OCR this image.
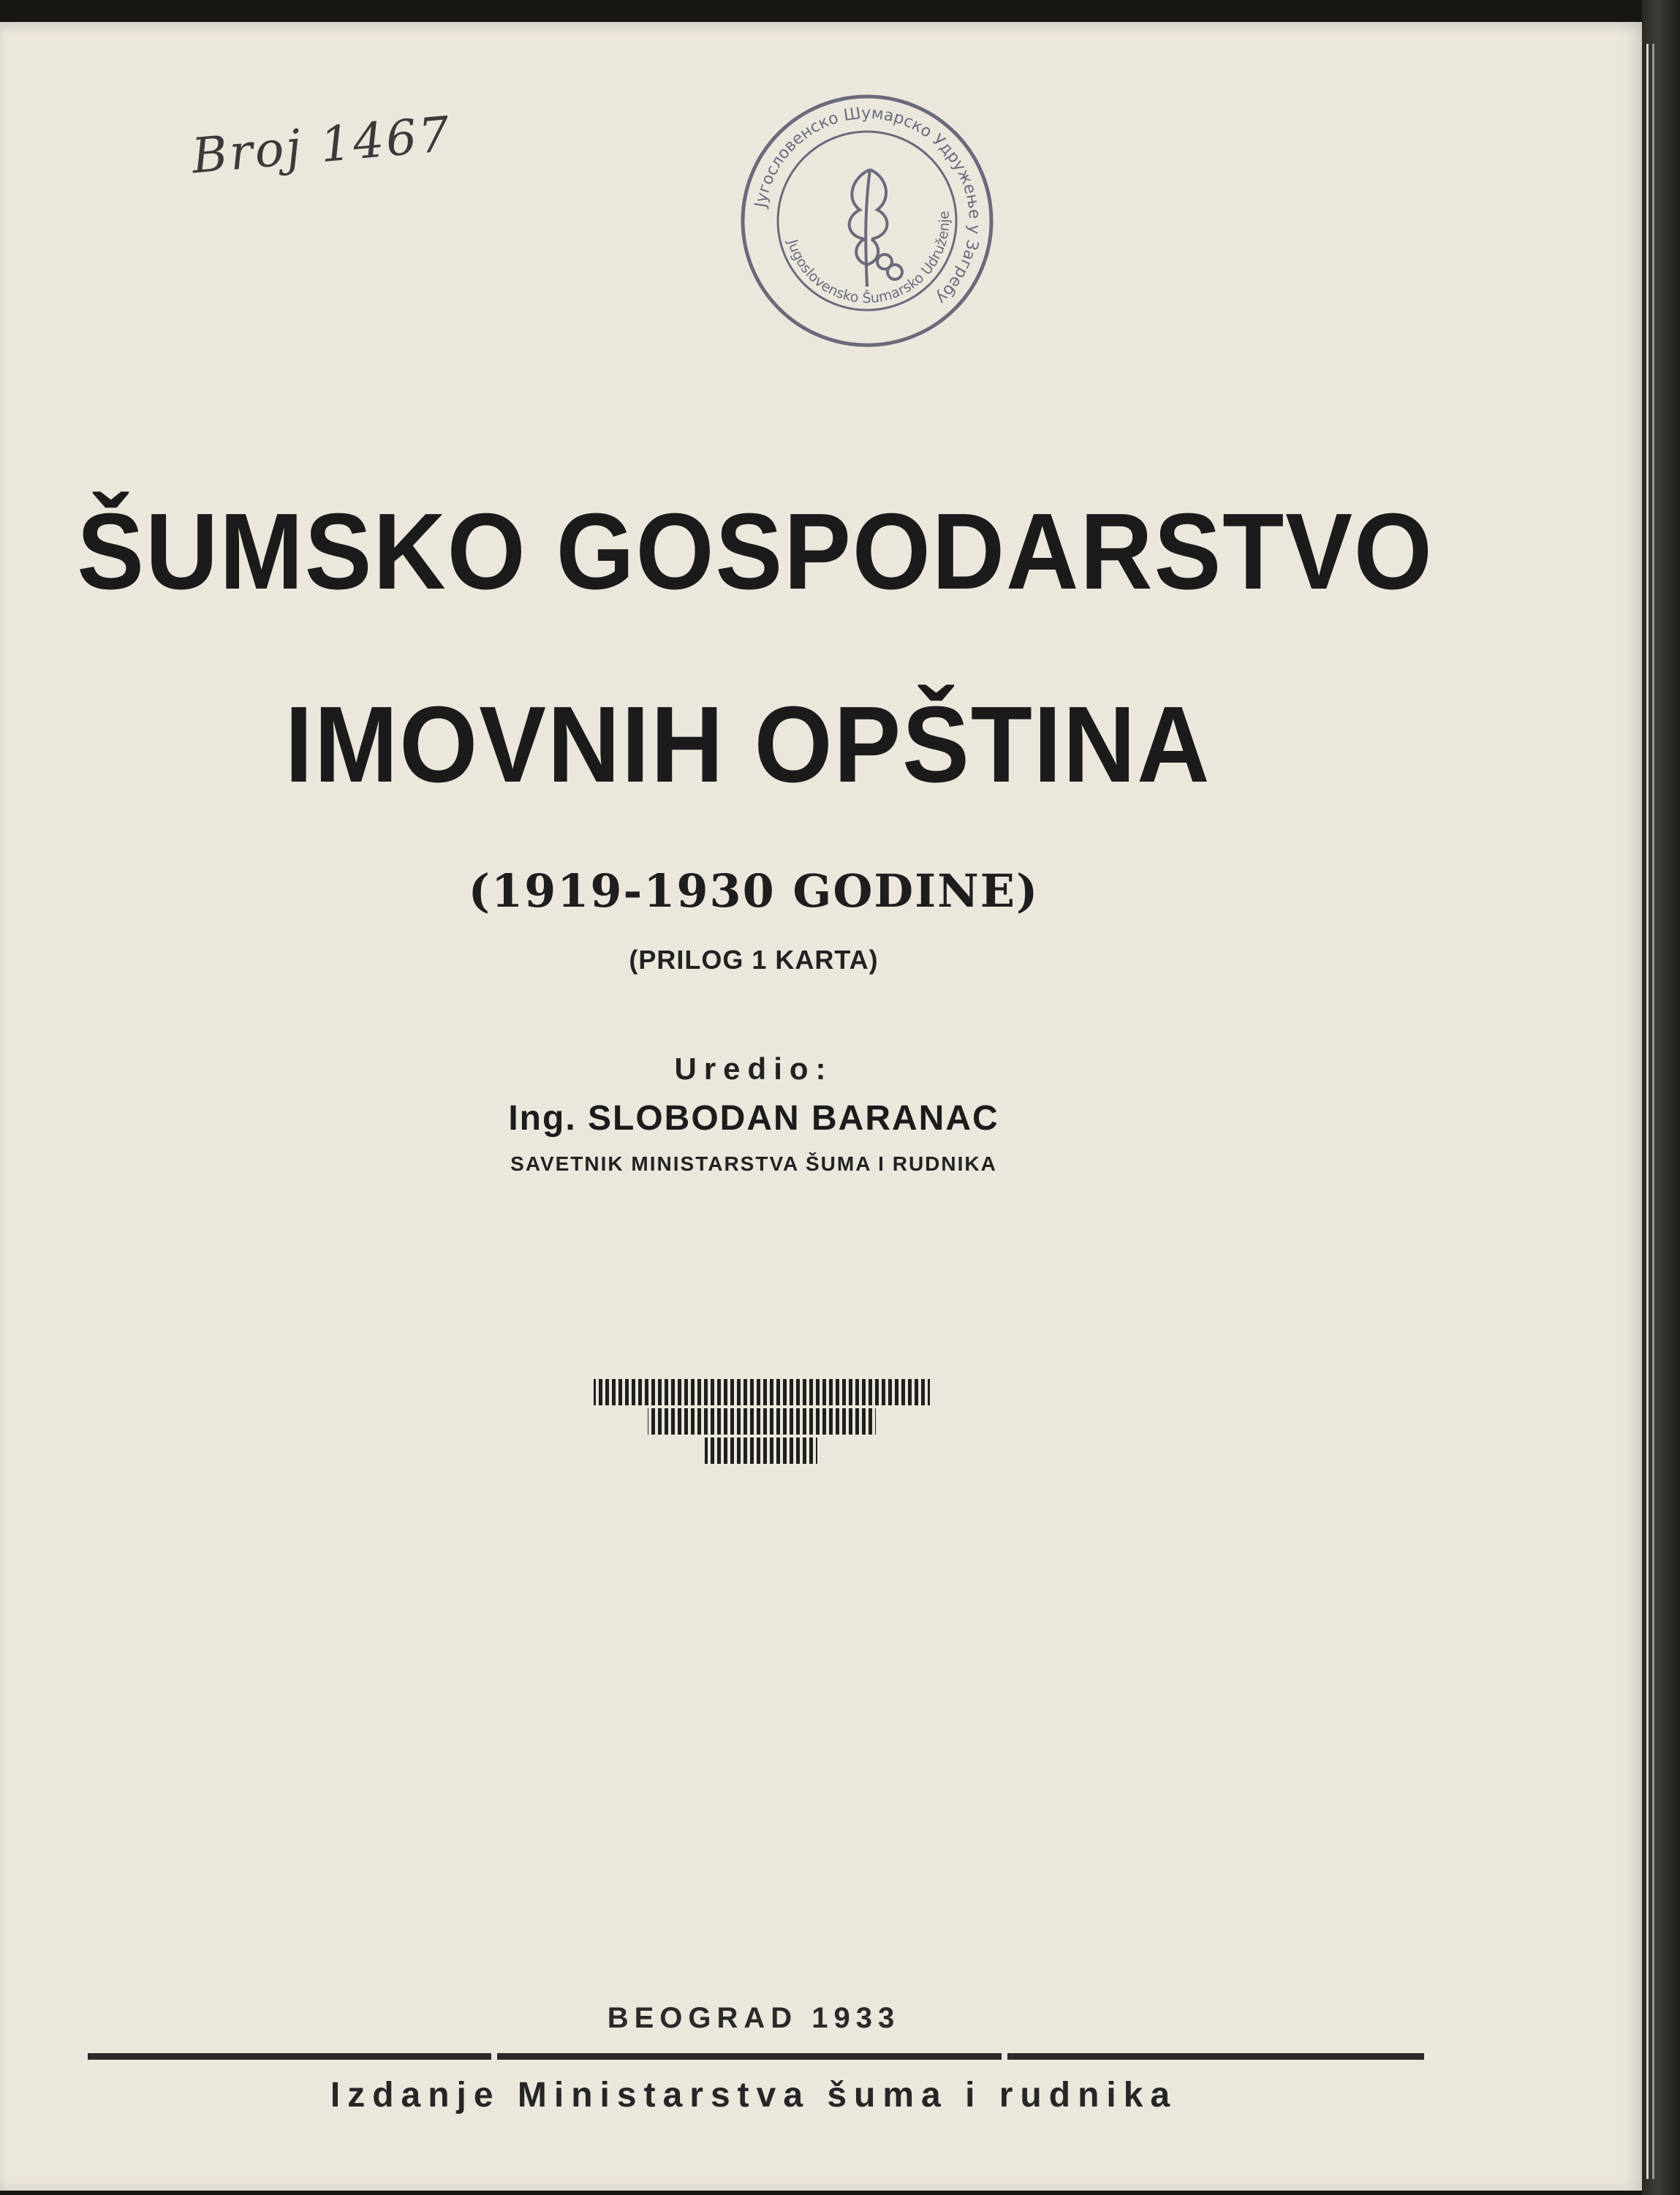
Broj 1467
Југословенско Шумарско Удружење у Загребу
Jugoslovensko Šumarsko Udruženje
ŠUMSKO GOSPODARSTVO
IMOVNIH OPŠTINA
(1919-1930 GODINE)
(PRILOG 1 KARTA)
Uredio:
Ing. SLOBODAN BARANAC
SAVETNIK MINISTARSTVA ŠUMA I RUDNIKA
BEOGRAD 1933
Izdanje Ministarstva šuma i rudnika
